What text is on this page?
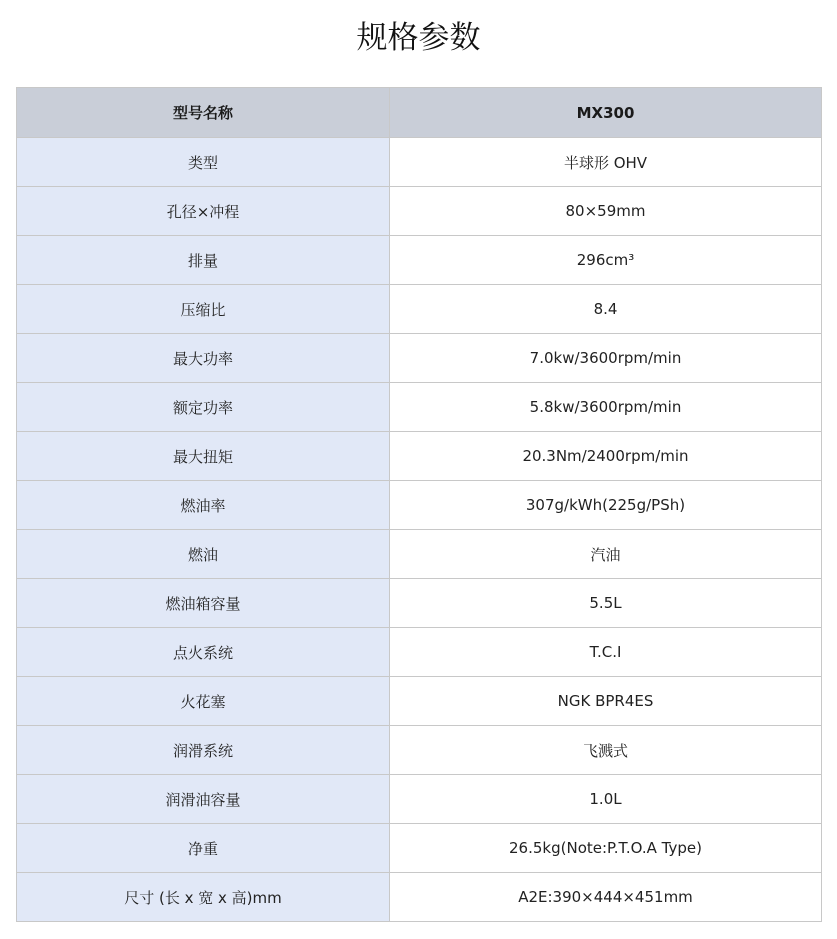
规格参数
型号名称	MX300
类型	半球形 OHV
孔径×冲程	80×59mm
排量	296cm³
压缩比	8.4
最大功率	7.0kw/3600rpm/min
额定功率	5.8kw/3600rpm/min
最大扭矩	20.3Nm/2400rpm/min
燃油率	307g/kWh(225g/PSh)
燃油	汽油
燃油箱容量	5.5L
点火系统	T.C.I
火花塞	NGK BPR4ES
润滑系统	飞溅式
润滑油容量	1.0L
净重	26.5kg(Note:P.T.O.A Type)
尺寸 (长 x 宽 x 高)mm	A2E:390×444×451mm
